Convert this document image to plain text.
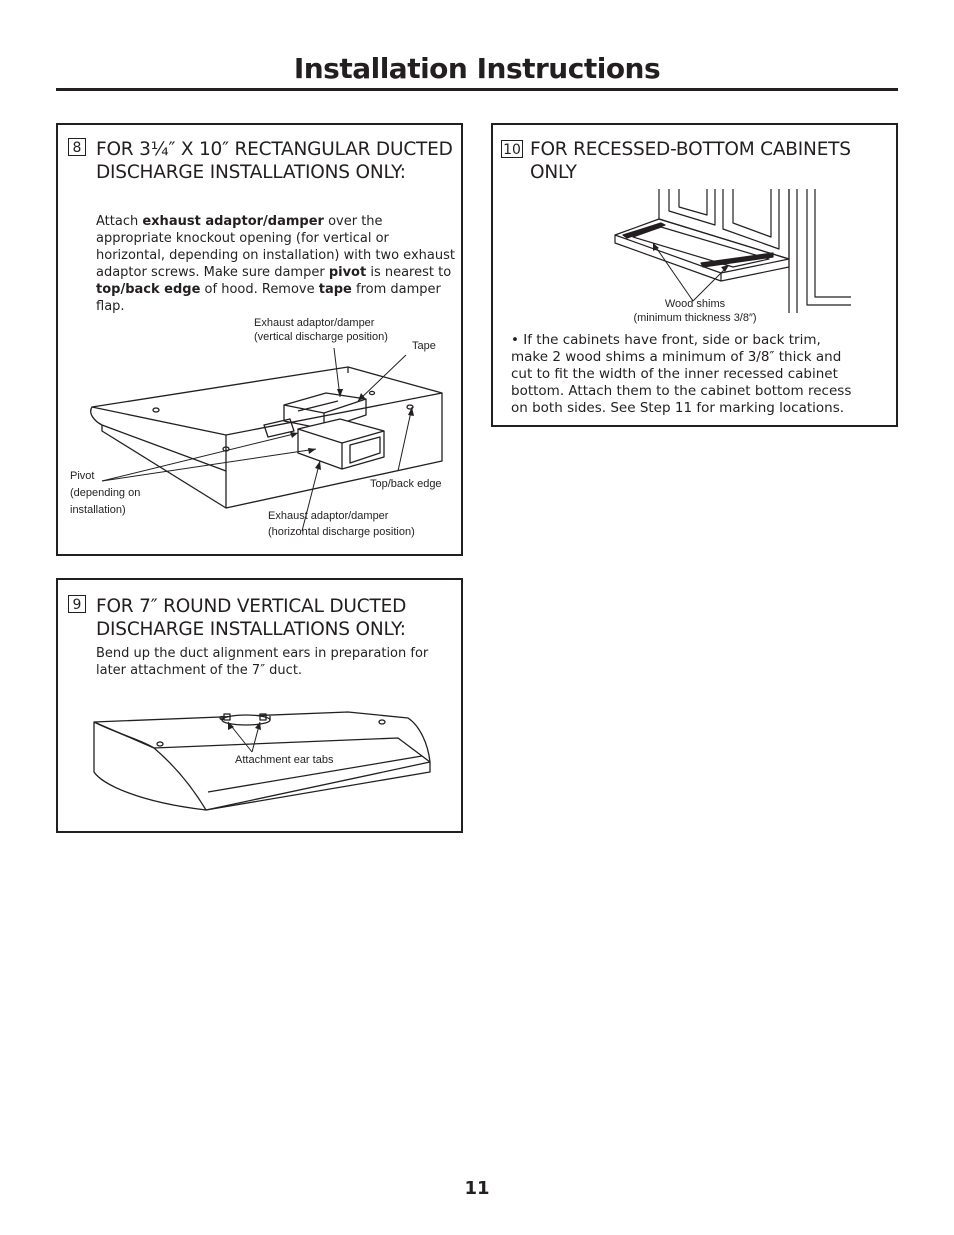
Installation Instructions
8 FOR 3¼″ X 10″ RECTANGULAR DUCTED DISCHARGE INSTALLATIONS ONLY:

Attach exhaust adaptor/damper over the appropriate knockout opening (for vertical or horizontal, depending on installation) with two exhaust adaptor screws. Make sure damper pivot is nearest to top/back edge of hood. Remove tape from damper flap.

Exhaust adaptor/damper
(vertical discharge position)
Tape
Pivot
(depending on
installation)
Top/back edge
Exhaust adaptor/damper
(horizontal discharge position)
9 FOR 7″ ROUND VERTICAL DUCTED DISCHARGE INSTALLATIONS ONLY:

Bend up the duct alignment ears in preparation for later attachment of the 7″ duct.

Attachment ear tabs
10 FOR RECESSED-BOTTOM CABINETS ONLY
Wood shims
(minimum thickness 3/8″)

• If the cabinets have front, side or back trim, make 2 wood shims a minimum of 3/8″ thick and cut to fit the width of the inner recessed cabinet bottom. Attach them to the cabinet bottom recess on both sides. See Step 11 for marking locations.

11
